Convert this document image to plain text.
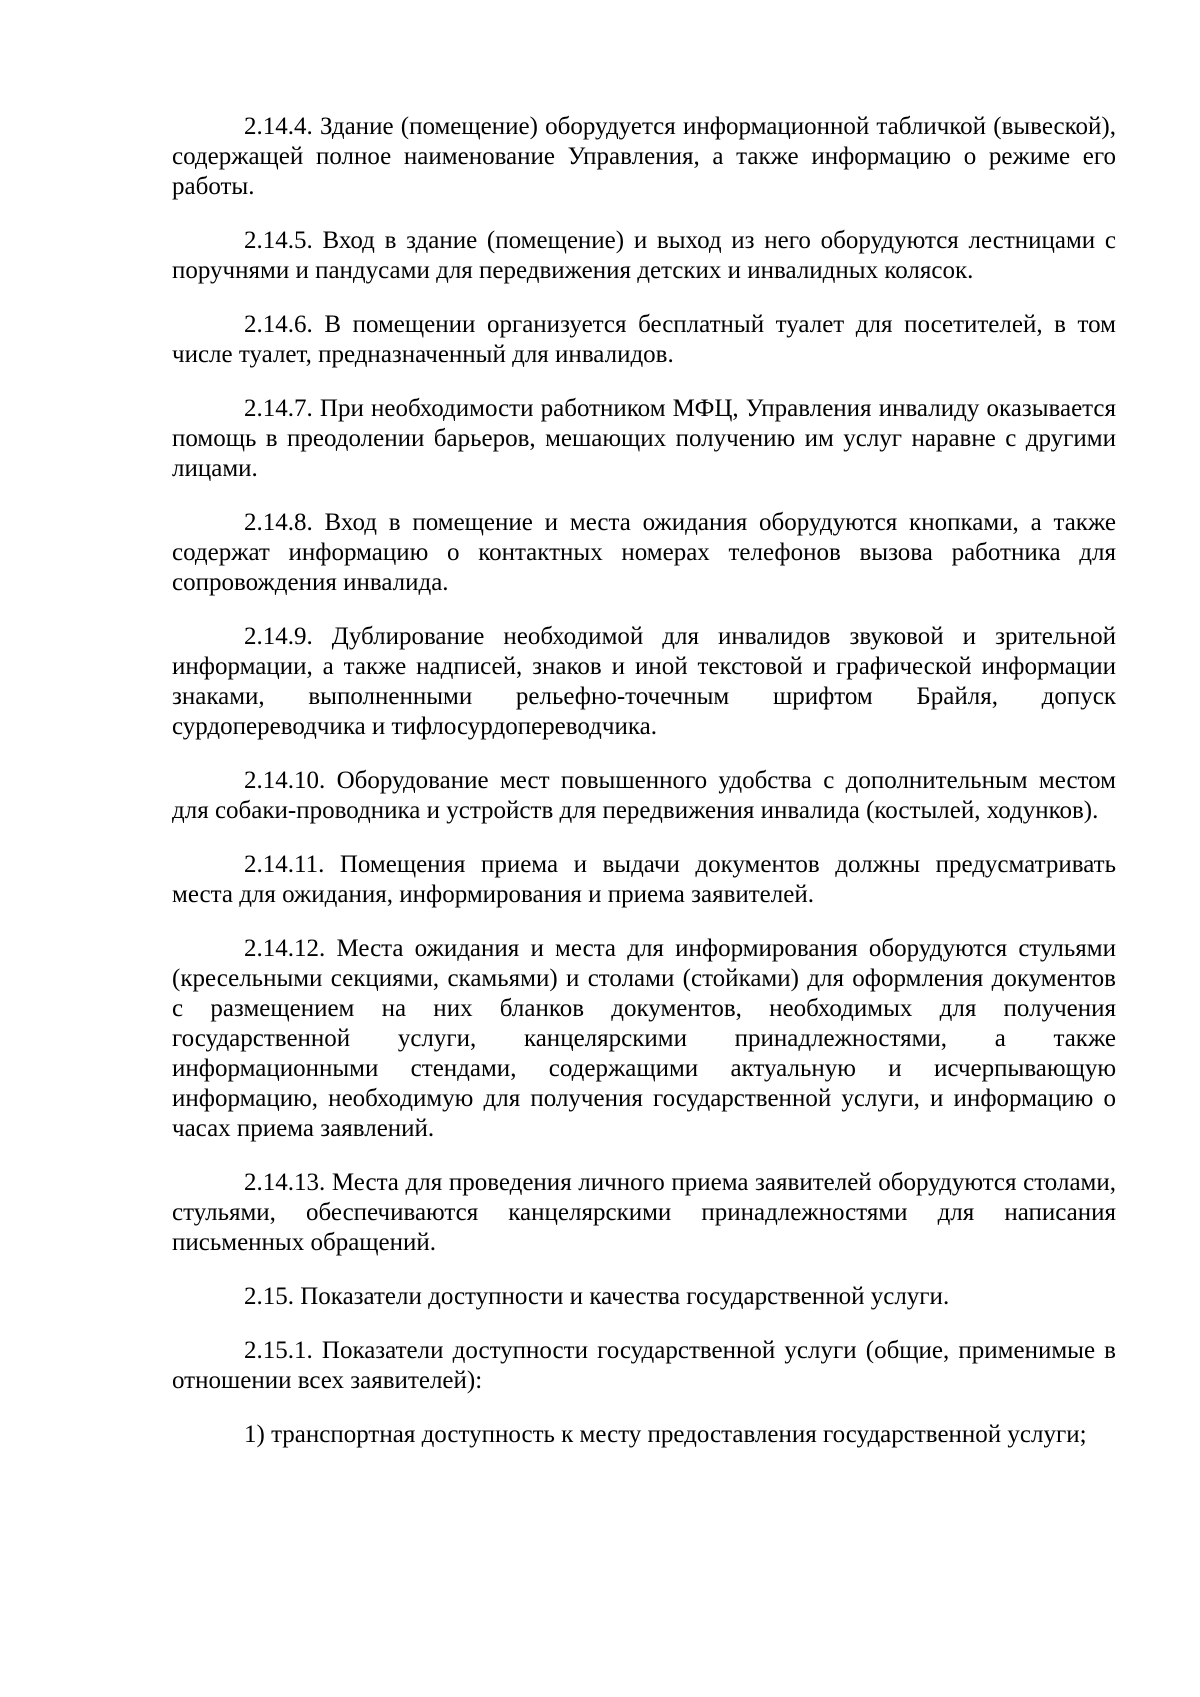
2.14.4. Здание (помещение) оборудуется информационной табличкой (вывеской), содержащей полное наименование Управления, а также информацию о режиме его работы.

2.14.5. Вход в здание (помещение) и выход из него оборудуются лестницами с поручнями и пандусами для передвижения детских и инвалидных колясок.

2.14.6. В помещении организуется бесплатный туалет для посетителей, в том числе туалет, предназначенный для инвалидов.

2.14.7. При необходимости работником МФЦ, Управления инвалиду оказывается помощь в преодолении барьеров, мешающих получению им услуг наравне с другими лицами.

2.14.8. Вход в помещение и места ожидания оборудуются кнопками, а также содержат информацию о контактных номерах телефонов вызова работника для сопровождения инвалида.

2.14.9. Дублирование необходимой для инвалидов звуковой и зрительной информации, а также надписей, знаков и иной текстовой и графической информации знаками, выполненными рельефно-точечным шрифтом Брайля, допуск сурдопереводчика и тифлосурдопереводчика.

2.14.10. Оборудование мест повышенного удобства с дополнительным местом для собаки-проводника и устройств для передвижения инвалида (костылей, ходунков).

2.14.11. Помещения приема и выдачи документов должны предусматривать места для ожидания, информирования и приема заявителей.

2.14.12. Места ожидания и места для информирования оборудуются стульями (кресельными секциями, скамьями) и столами (стойками) для оформления документов с размещением на них бланков документов, необходимых для получения государственной услуги, канцелярскими принадлежностями, а также информационными стендами, содержащими актуальную и исчерпывающую информацию, необходимую для получения государственной услуги, и информацию о часах приема заявлений.

2.14.13. Места для проведения личного приема заявителей оборудуются столами, стульями, обеспечиваются канцелярскими принадлежностями для написания письменных обращений.

2.15. Показатели доступности и качества государственной услуги.

2.15.1. Показатели доступности государственной услуги (общие, применимые в отношении всех заявителей):

1) транспортная доступность к месту предоставления государственной услуги;
